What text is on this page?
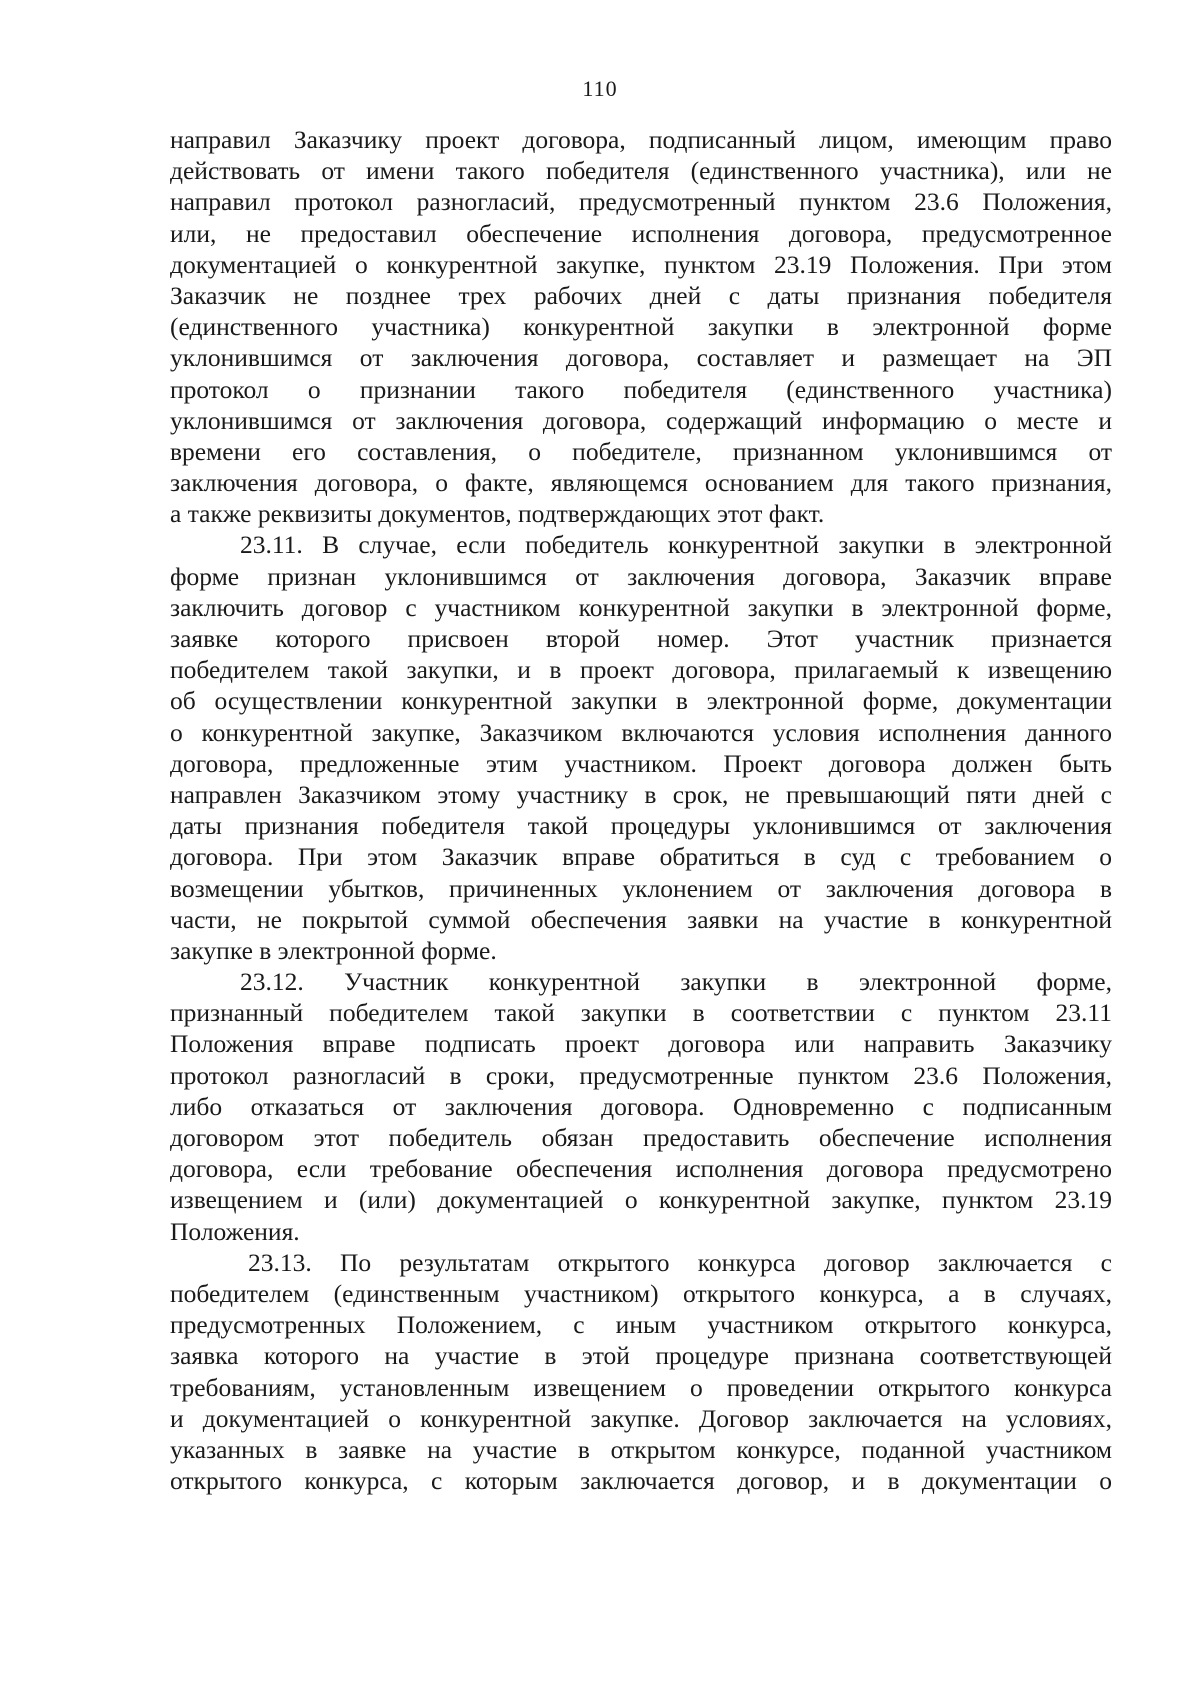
110
направил Заказчику проект договора, подписанный лицом, имеющим право
действовать от имени такого победителя (единственного участника), или не
направил протокол разногласий, предусмотренный пунктом 23.6 Положения,
или, не предоставил обеспечение исполнения договора, предусмотренное
документацией о конкурентной закупке, пунктом 23.19 Положения. При этом
Заказчик не позднее трех рабочих дней с даты признания победителя
(единственного участника) конкурентной закупки в электронной форме
уклонившимся от заключения договора, составляет и размещает на ЭП
протокол о признании такого победителя (единственного участника)
уклонившимся от заключения договора, содержащий информацию о месте и
времени его составления, о победителе, признанном уклонившимся от
заключения договора, о факте, являющемся основанием для такого признания,
а также реквизиты документов, подтверждающих этот факт.
23.11. В случае, если победитель конкурентной закупки в электронной
форме признан уклонившимся от заключения договора, Заказчик вправе
заключить договор с участником конкурентной закупки в электронной форме,
заявке которого присвоен второй номер. Этот участник признается
победителем такой закупки, и в проект договора, прилагаемый к извещению
об осуществлении конкурентной закупки в электронной форме, документации
о конкурентной закупке, Заказчиком включаются условия исполнения данного
договора, предложенные этим участником. Проект договора должен быть
направлен Заказчиком этому участнику в срок, не превышающий пяти дней с
даты признания победителя такой процедуры уклонившимся от заключения
договора. При этом Заказчик вправе обратиться в суд с требованием о
возмещении убытков, причиненных уклонением от заключения договора в
части, не покрытой суммой обеспечения заявки на участие в конкурентной
закупке в электронной форме.
23.12. Участник конкурентной закупки в электронной форме,
признанный победителем такой закупки в соответствии с пунктом 23.11
Положения вправе подписать проект договора или направить Заказчику
протокол разногласий в сроки, предусмотренные пунктом 23.6 Положения,
либо отказаться от заключения договора. Одновременно с подписанным
договором этот победитель обязан предоставить обеспечение исполнения
договора, если требование обеспечения исполнения договора предусмотрено
извещением и (или) документацией о конкурентной закупке, пунктом 23.19
Положения.
23.13. По результатам открытого конкурса договор заключается с
победителем (единственным участником) открытого конкурса, а в случаях,
предусмотренных Положением, с иным участником открытого конкурса,
заявка которого на участие в этой процедуре признана соответствующей
требованиям, установленным извещением о проведении открытого конкурса
и документацией о конкурентной закупке. Договор заключается на условиях,
указанных в заявке на участие в открытом конкурсе, поданной участником
открытого конкурса, с которым заключается договор, и в документации о
